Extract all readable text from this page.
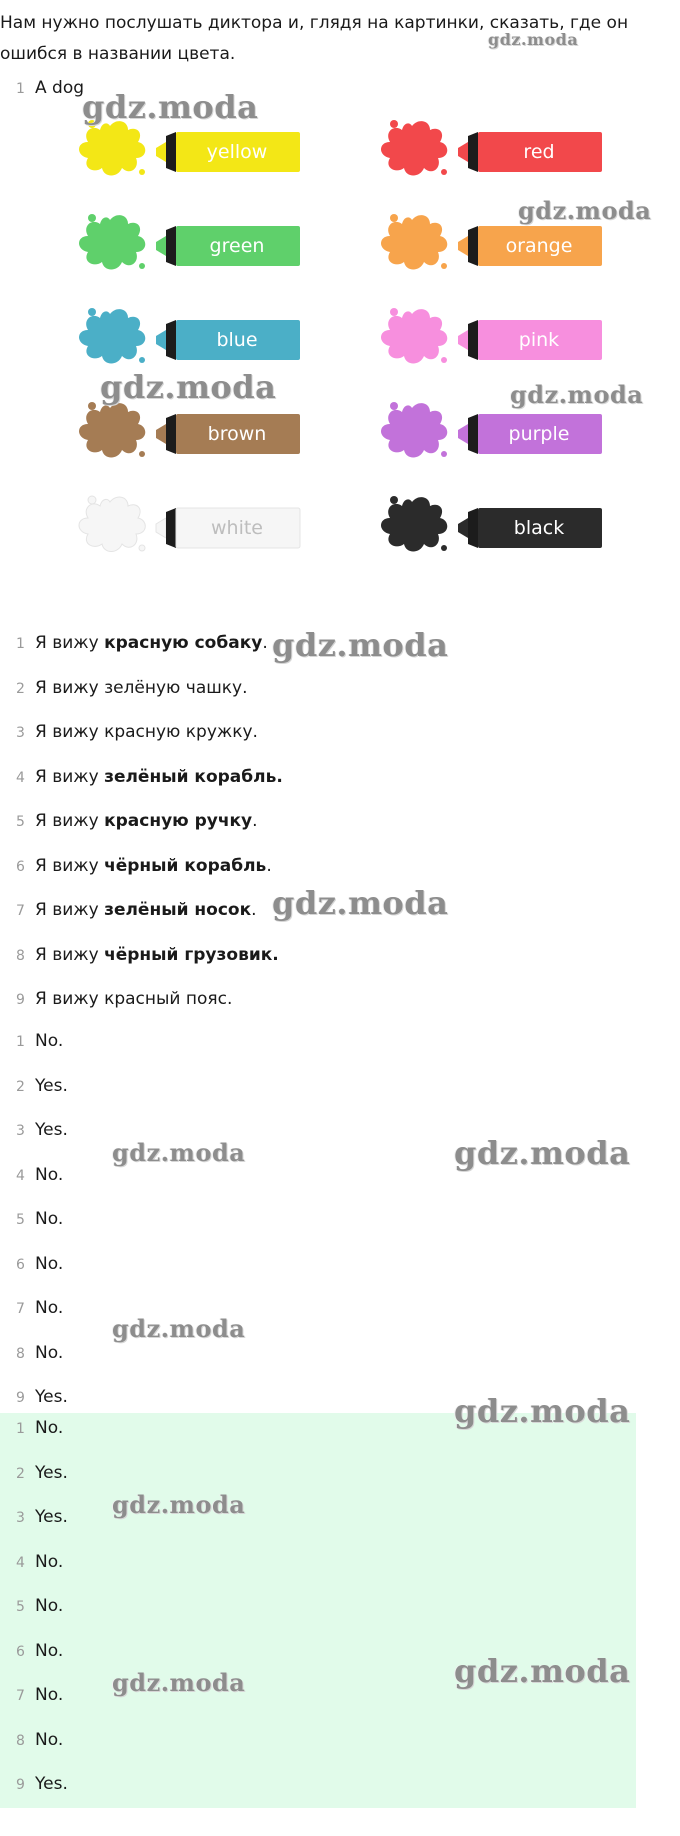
Нам нужно послушать диктора и, глядя на картинки, сказать, где он ошибся в названии цвета.

1 A dog
yellow	red
green	orange
blue	pink
brown	purple
white	black
1 Я вижу красную собаку.
2 Я вижу зелёную чашку.
3 Я вижу красную кружку.
4 Я вижу зелёный корабль.
5 Я вижу красную ручку.
6 Я вижу чёрный корабль.
7 Я вижу зелёный носок.
8 Я вижу чёрный грузовик.
9 Я вижу красный пояс.
1 No.
2 Yes.
3 Yes.
4 No.
5 No.
6 No.
7 No.
8 No.
9 Yes.
1 No.
2 Yes.
3 Yes.
4 No.
5 No.
6 No.
7 No.
8 No.
9 Yes.
gdz.moda
gdz.moda
gdz.moda
gdz.moda	gdz.moda
gdz.moda
gdz.moda
gdz.moda	gdz.moda
gdz.moda
gdz.moda
gdz.moda
gdz.moda	gdz.moda
